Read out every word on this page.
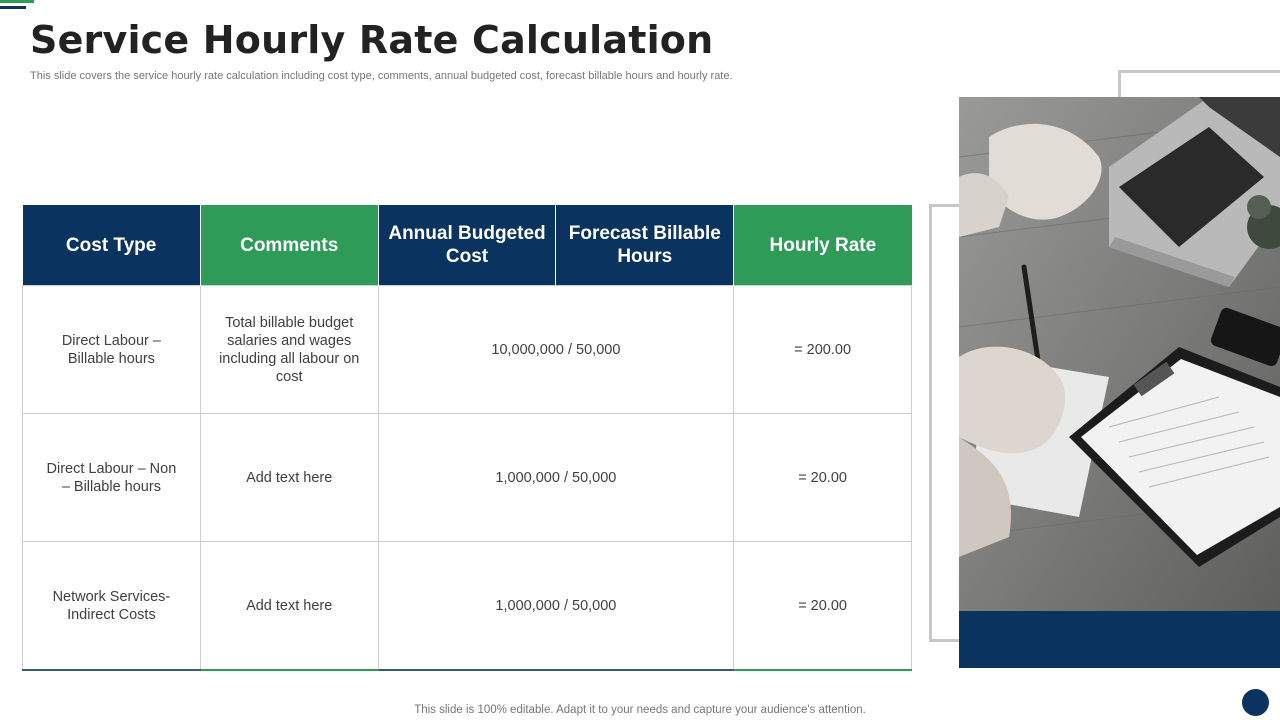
Service Hourly Rate Calculation
This slide covers the service hourly rate calculation including cost type, comments, annual budgeted cost, forecast billable hours and hourly rate.
Cost Type	Comments	Annual Budgeted Cost	Forecast Billable Hours	Hourly Rate
Direct Labour – Billable hours	Total billable budget salaries and wages including all labour on cost	10,000,000 / 50,000		= 200.00
Direct Labour – Non – Billable hours	Add text here	1,000,000 / 50,000		= 20.00
Network Services- Indirect Costs	Add text here	1,000,000 / 50,000		= 20.00
This slide is 100% editable. Adapt it to your needs and capture your audience's attention.
